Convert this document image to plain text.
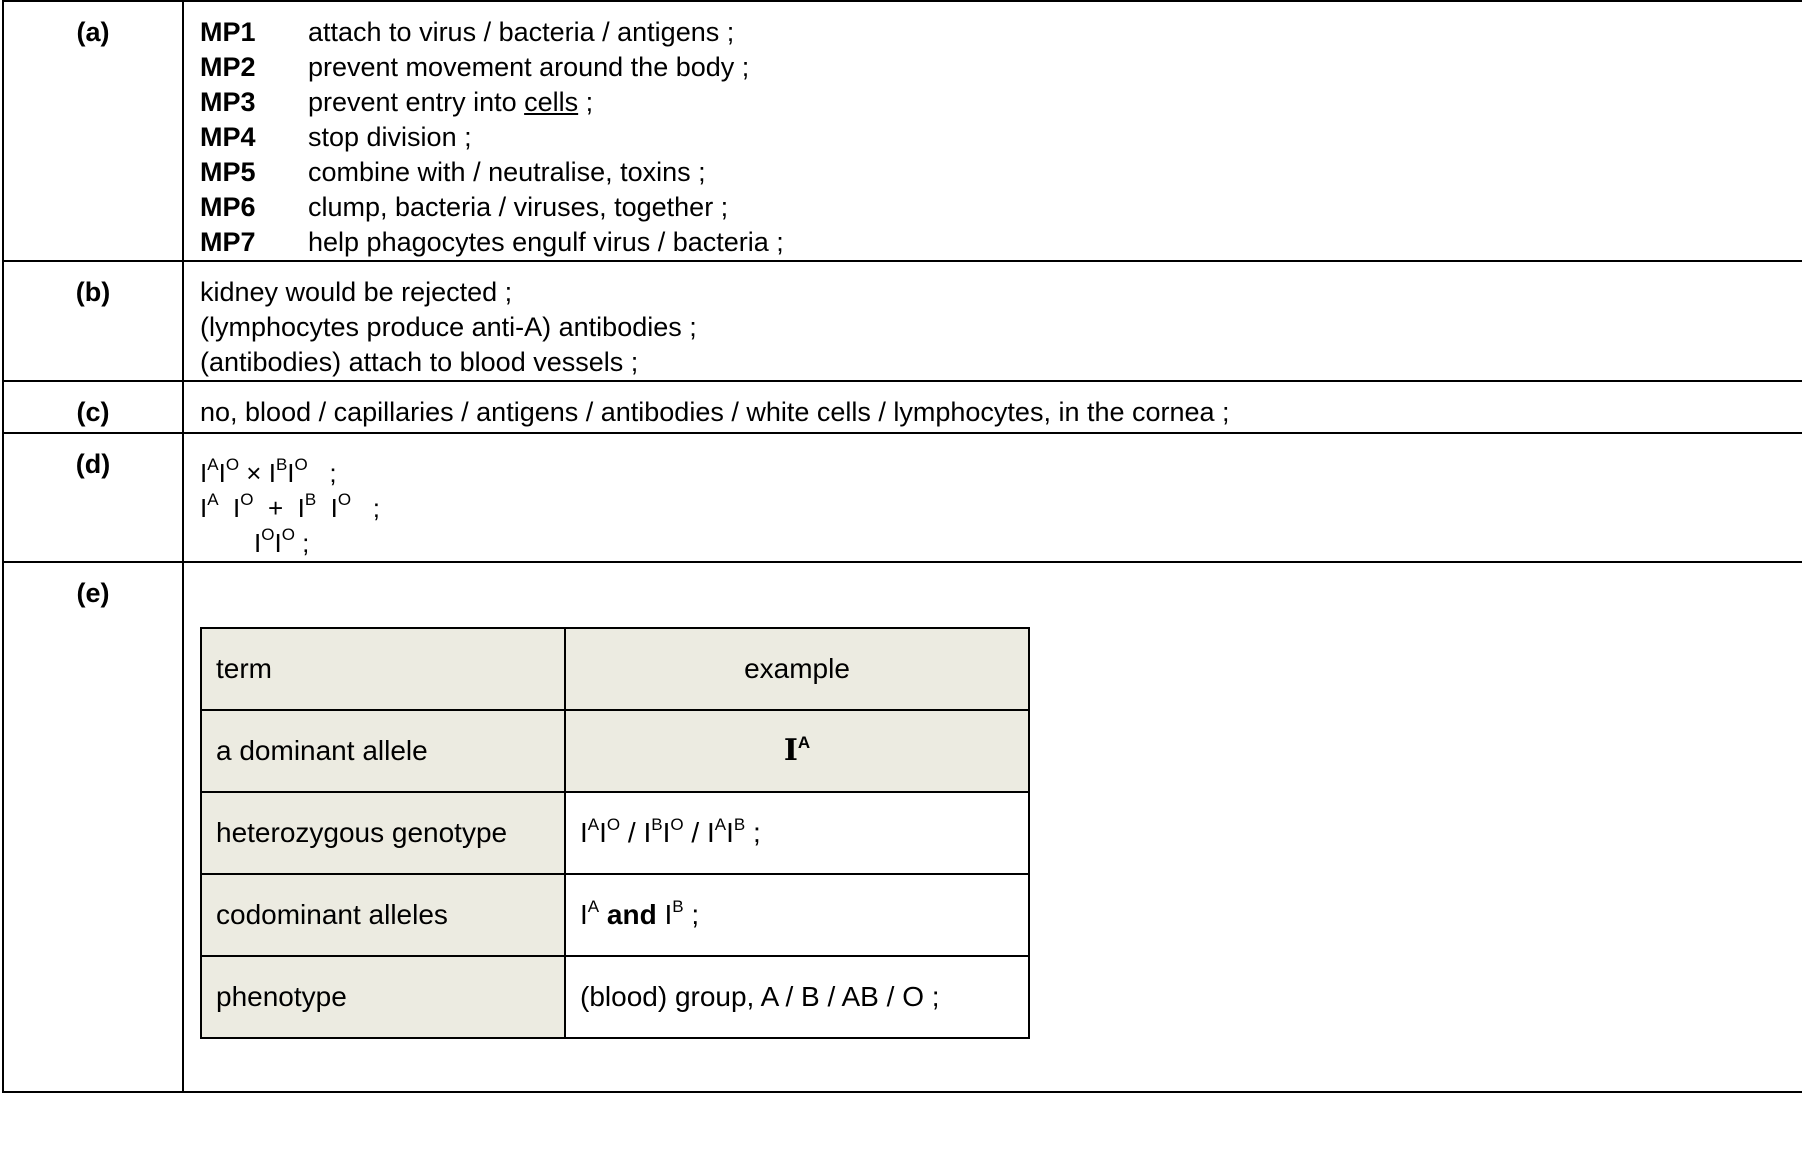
(a)	MP1 attach to virus / bacteria / antigens ;
MP2 prevent movement around the body ;
MP3 prevent entry into cells ;
MP4 stop division ;
MP5 combine with / neutralise, toxins ;
MP6 clump, bacteria / viruses, together ;
MP7 help phagocytes engulf virus / bacteria ;

(b)	kidney would be rejected ;
(lymphocytes produce anti-A) antibodies ;
(antibodies) attach to blood vessels ;

(c)	no, blood / capillaries / antigens / antibodies / white cells / lymphocytes, in the cornea ;

(d)	$I^AI^O \times I^BI^O$ ;
$I^A$ $I^O + I^B$ $I^O$ ;
$I^OI^O$ ;

(e)	
term	example
a dominant allele	$I^A$
heterozygous genotype	$I^AI^O / I^BI^O / I^AI^B$ ;
codominant alleles	$I^A$ and $I^B$ ;
phenotype	(blood) group, A / B / AB / O ;
